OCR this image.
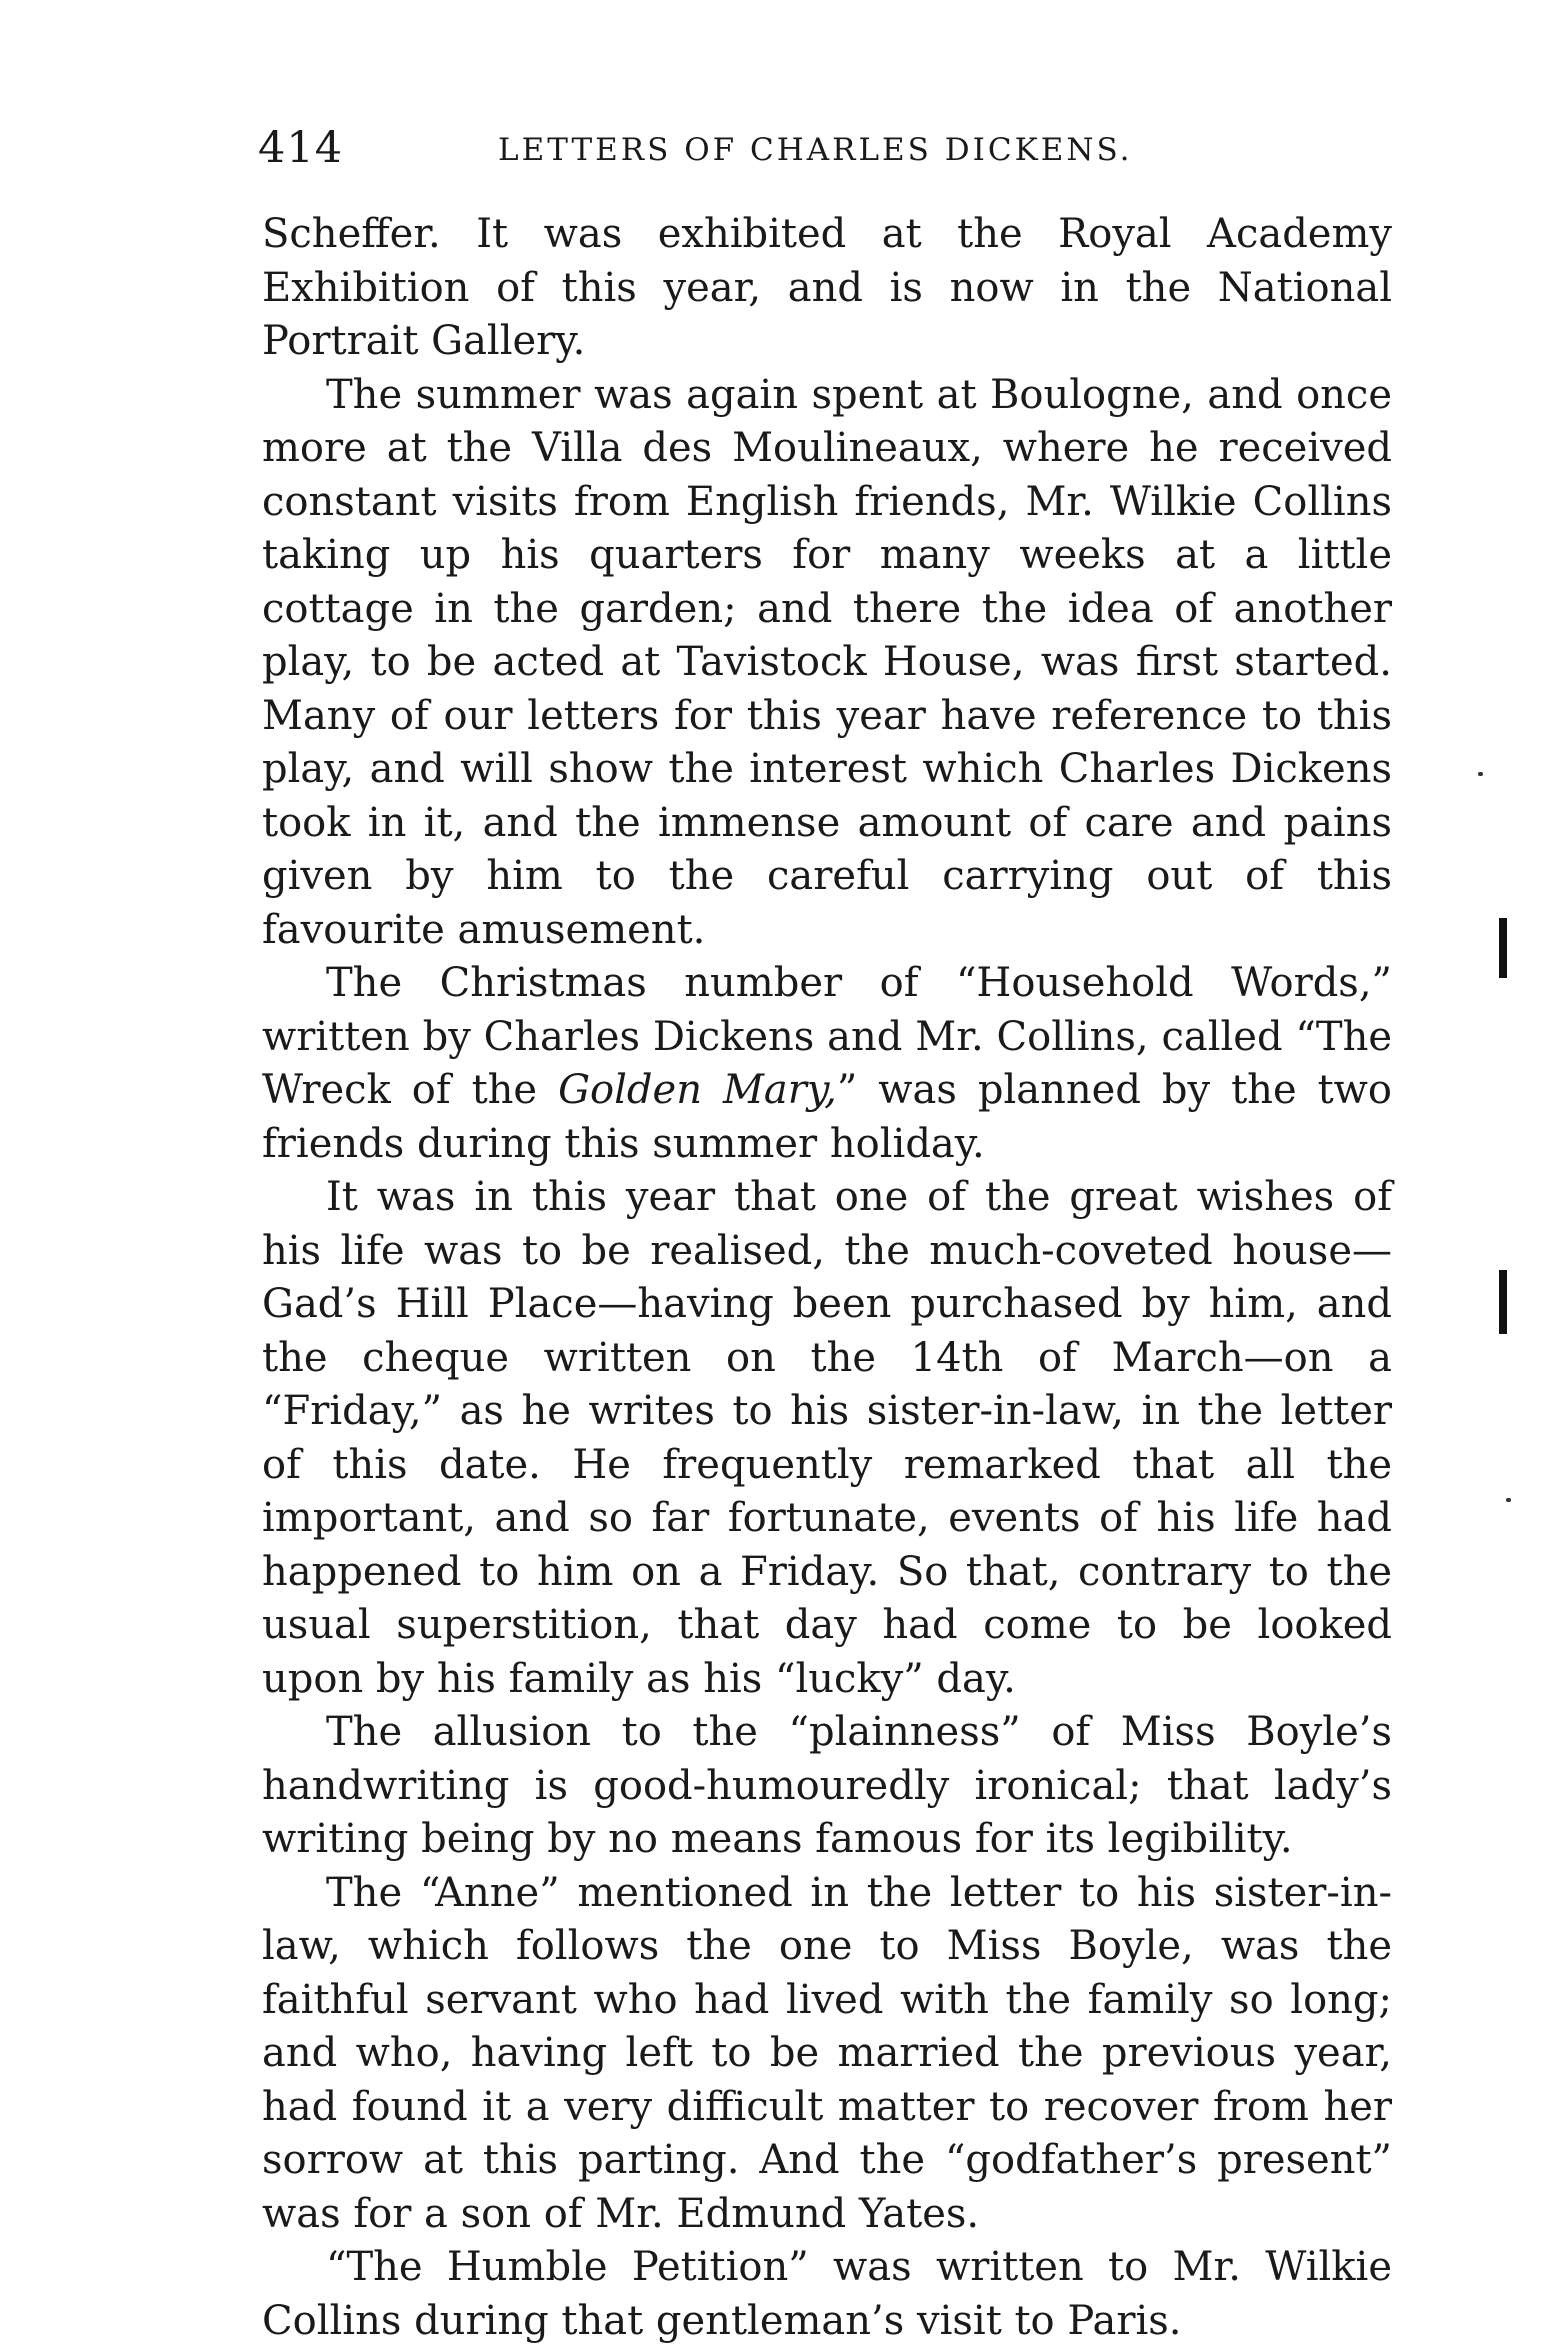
414	LETTERS OF CHARLES DICKENS.

Scheffer. It was exhibited at the Royal Academy Exhibition of this year, and is now in the National Portrait Gallery.

The summer was again spent at Boulogne, and once more at the Villa des Moulineaux, where he received constant visits from English friends, Mr. Wilkie Collins taking up his quarters for many weeks at a little cottage in the garden; and there the idea of another play, to be acted at Tavistock House, was first started. Many of our letters for this year have reference to this play, and will show the interest which Charles Dickens took in it, and the immense amount of care and pains given by him to the careful carrying out of this favourite amusement.

The Christmas number of “Household Words,” written by Charles Dickens and Mr. Collins, called “The Wreck of the Golden Mary,” was planned by the two friends during this summer holiday.

It was in this year that one of the great wishes of his life was to be realised, the much-coveted house—Gad’s Hill Place—having been purchased by him, and the cheque written on the 14th of March—on a “Friday,” as he writes to his sister-in-law, in the letter of this date. He frequently remarked that all the important, and so far fortunate, events of his life had happened to him on a Friday. So that, contrary to the usual superstition, that day had come to be looked upon by his family as his “lucky” day.

The allusion to the “plainness” of Miss Boyle’s handwriting is good-humouredly ironical; that lady’s writing being by no means famous for its legibility.

The “Anne” mentioned in the letter to his sister-in-law, which follows the one to Miss Boyle, was the faithful servant who had lived with the family so long; and who, having left to be married the previous year, had found it a very difficult matter to recover from her sorrow at this parting. And the “godfather’s present” was for a son of Mr. Edmund Yates.

“The Humble Petition” was written to Mr. Wilkie Collins during that gentleman’s visit to Paris.
